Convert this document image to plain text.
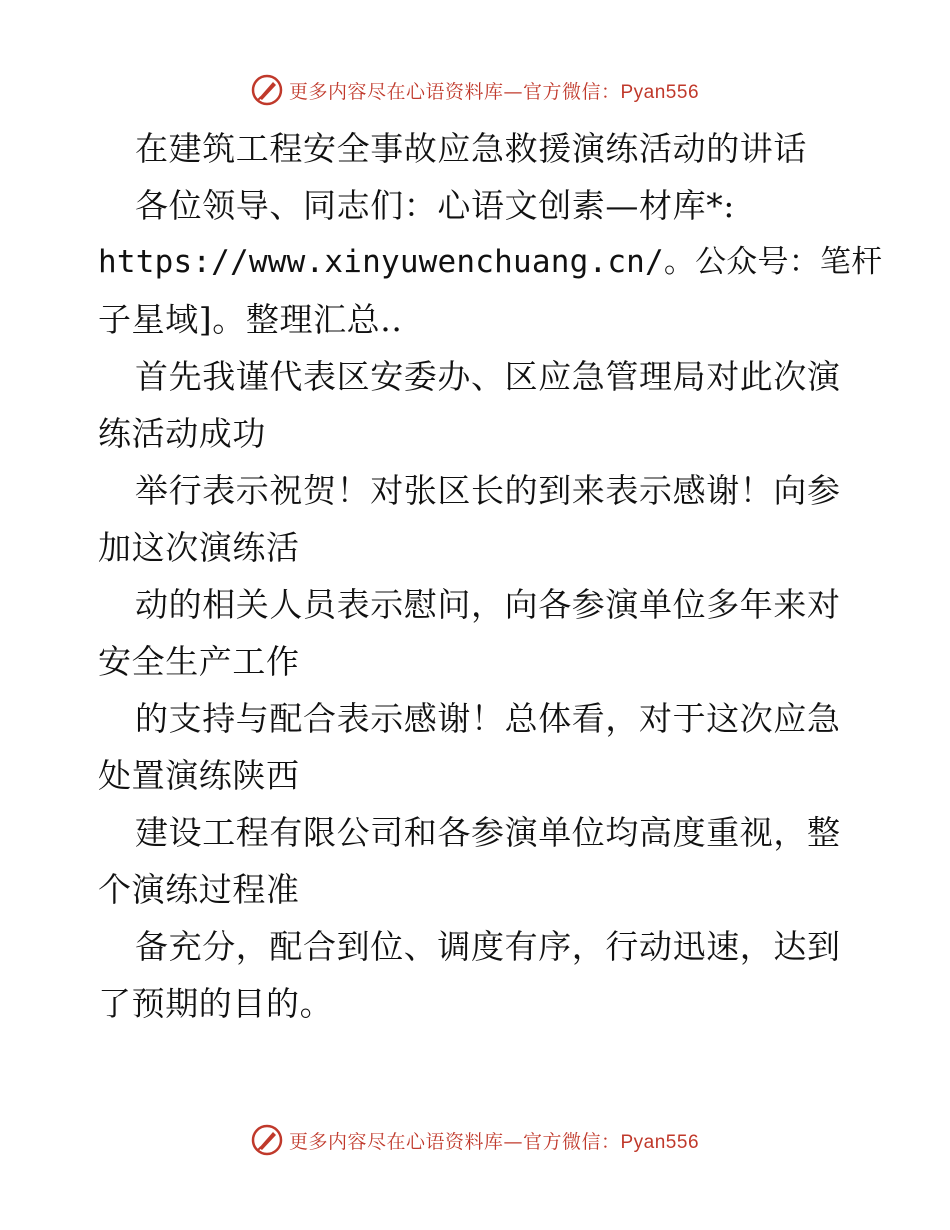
更多内容尽在心语资料库—官方微信：Pyan556
在建筑工程安全事故应急救援演练活动的讲话
各位领导、同志们：心语文创素—材库*:
https://www.xinyuwenchuang.cn/。公众号：笔杆
子星域]。整理汇总..
首先我谨代表区安委办、区应急管理局对此次演
练活动成功
举行表示祝贺！对张区长的到来表示感谢！向参
加这次演练活
动的相关人员表示慰问，向各参演单位多年来对
安全生产工作
的支持与配合表示感谢！总体看，对于这次应急
处置演练陕西
建设工程有限公司和各参演单位均高度重视，整
个演练过程准
备充分，配合到位、调度有序，行动迅速，达到
了预期的目的。
更多内容尽在心语资料库—官方微信：Pyan556
